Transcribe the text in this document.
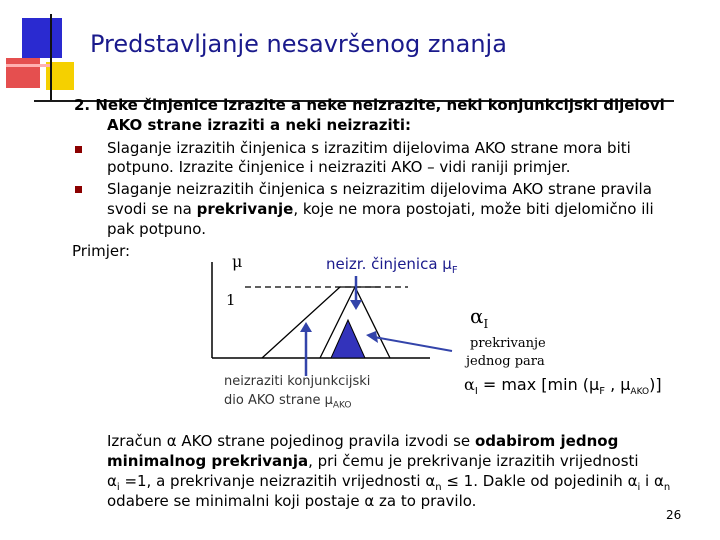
Predstavljanje nesavršenog znanja
2. Neke činjenice izrazite a neke neizrazite, neki konjunkcijski dijelovi
AKO strane izraziti a neki neizraziti:
Slaganje izrazitih činjenica s izrazitim dijelovima AKO strane mora biti
potpuno. Izrazite činjenice i neizraziti AKO – vidi raniji primjer.
Slaganje neizrazitih činjenica s neizrazitim dijelovima AKO strane pravila
svodi se na prekrivanje, koje ne mora postojati, može biti djelomično ili
pak potpuno.
Primjer:
μ	neizr. činjenica $\mu_F$
1
$\alpha_I$
prekrivanje
jednog para
neizraziti konjunkcijski
dio AKO strane $\mu_{AKO}$
$\alpha_I = \max [\min$ ($\mu_F$ , $\mu_{AKO}$)]
Izračun α AKO strane pojedinog pravila izvodi se odabirom jednog
minimalnog prekrivanja, pri čemu je prekrivanje izrazitih vrijednosti
$\alpha_i =1$, a prekrivanje neizrazitih vrijednosti $\alpha_n \le 1$. Dakle od pojedinih $\alpha_i$ i $\alpha_n$
odabere se minimalni koji postaje α za to pravilo.
26
